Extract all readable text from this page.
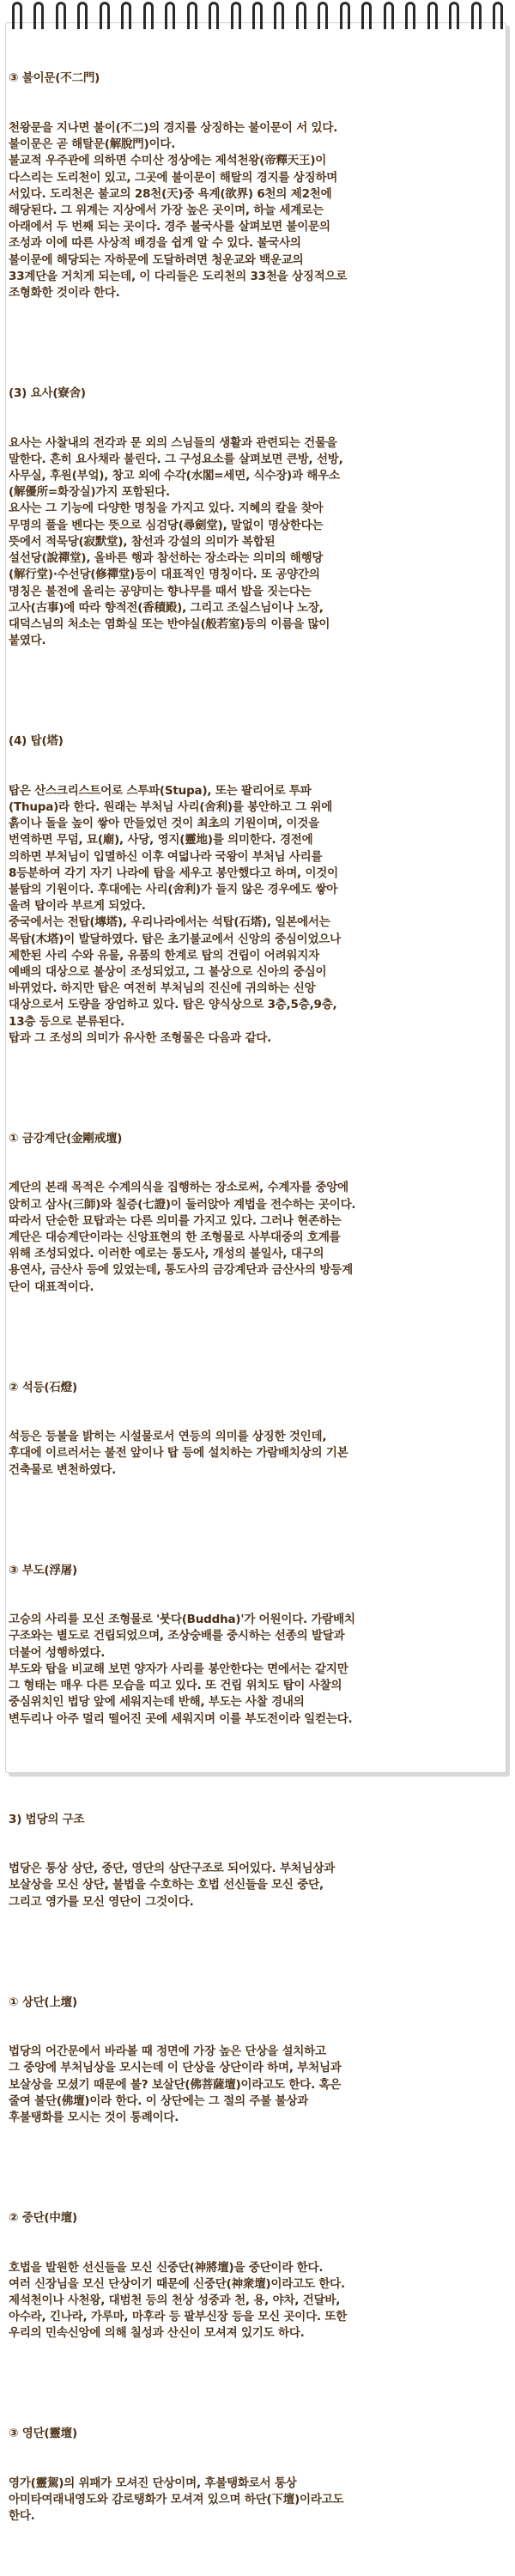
③ 불이문(不二門)

천왕문을 지나면 불이(不二)의 경지를 상징하는 불이문이 서 있다.
불이문은 곧 해탈문(解脫門)이다.
불교적 우주관에 의하면 수미산 정상에는 제석천왕(帝釋天王)이
다스리는 도리천이 있고, 그곳에 불이문이 해탈의 경지를 상징하며
서있다. 도리천은 불교의 28천(天)중 욕계(欲界) 6천의 제2천에
해당된다. 그 위계는 지상에서 가장 높은 곳이며, 하늘 세계로는
아래에서 두 번째 되는 곳이다. 경주 불국사를 살펴보면 불이문의
조성과 이에 따른 사상적 배경을 쉽게 알 수 있다. 불국사의
불이문에 해당되는 자하문에 도달하려면 청운교와 백운교의
33계단을 거치게 되는데, 이 다리들은 도리천의 33천을 상징적으로
조형화한 것이라 한다.

(3) 요사(寮舍)

요사는 사찰내의 전각과 문 외의 스님들의 생활과 관련되는 건물을
말한다. 흔히 요사채라 불린다. 그 구성요소를 살펴보면 큰방, 선방,
사무실, 후원(부엌), 창고 외에 수각(水閣=세면, 식수장)과 해우소
(解優所=화장실)가지 포함된다.
요사는 그 기능에 다양한 명칭을 가지고 있다. 지혜의 칼을 찾아
무명의 풀을 벤다는 뜻으로 심검당(尋劍堂), 말없이 명상한다는
뜻에서 적묵당(寂默堂), 참선과 강설의 의미가 복합된
설선당(說禪堂), 올바른 행과 참선하는 장소라는 의미의 해행당
(解行堂)·수선당(修禪堂)등이 대표적인 명칭이다. 또 공양간의
명칭은 불전에 올리는 공양미는 향나무를 때서 밥을 짓는다는
고사(古事)에 따라 향적전(香積殿), 그리고 조실스님이나 노장,
대덕스님의 처소는 염화실 또는 반야실(般若室)등의 이름을 많이
붙였다.

(4) 탑(塔)

탑은 산스크리스트어로 스투파(Stupa), 또는 팔리어로 투파
(Thupa)라 한다. 원래는 부처님 사리(舍利)를 봉안하고 그 위에
흙이나 돌을 높이 쌓아 만들었던 것이 최초의 기원이며, 이것을
번역하면 무덤, 묘(廟), 사당, 영지(靈地)를 의미한다. 경전에
의하면 부처님이 입멸하신 이후 여덟나라 국왕이 부처님 사리를
8등분하여 각기 자기 나라에 탑을 세우고 봉안했다고 하며, 이것이
불탑의 기원이다. 후대에는 사리(舍利)가 들지 않은 경우에도 쌓아
올려 탑이라 부르게 되었다.
중국에서는 전탑(塼塔), 우리나라에서는 석탑(石塔), 일본에서는
목탑(木塔)이 발달하였다. 탑은 초기불교에서 신앙의 중심이었으나
제한된 사리 수와 유물, 유품의 한계로 탑의 건립이 어려워지자
예배의 대상으로 불상이 조성되었고, 그 불상으로 신아의 중심이
바뀌었다. 하지만 탑은 여전히 부처님의 진신에 귀의하는 신앙
대상으로서 도량을 장엄하고 있다. 탑은 양식상으로 3층,5층,9층,
13층 등으로 분류된다.
탑과 그 조성의 의미가 유사한 조형물은 다음과 같다.

① 금강계단(金剛戒壇)

계단의 본래 목적은 수계의식을 집행하는 장소로써, 수계자를 중앙에
앉히고 삼사(三師)와 칠증(七證)이 둘러앉아 계법을 전수하는 곳이다.
따라서 단순한 묘탑과는 다른 의미를 가지고 있다. 그러나 현존하는
계단은 대승계단이라는 신앙표현의 한 조형물로 사부대중의 호계를
위해 조성되었다. 이러한 예로는 통도사, 개성의 불일사, 대구의
용연사, 금산사 등에 있었는데, 통도사의 금강계단과 금산사의 방등계
단이 대표적이다.

② 석등(石燈)

석등은 등불을 밝히는 시설물로서 연등의 의미를 상징한 것인데,
후대에 이르러서는 불전 앞이나 탑 등에 설치하는 가람배치상의 기본
건축물로 변천하였다.

③ 부도(浮屠)

고승의 사리를 모신 조형물로 '붓다(Buddha)'가 어원이다. 가람배치
구조와는 별도로 건립되었으며, 조상숭배를 중시하는 선종의 발달과
더불어 성행하였다.
부도와 탑을 비교해 보면 양자가 사리를 봉안한다는 면에서는 같지만
그 형태는 매우 다른 모습을 띠고 있다. 또 건립 위치도 탑이 사찰의
중심위치인 법당 앞에 세워지는데 반해, 부도는 사찰 경내의
변두리나 아주 멀리 떨어진 곳에 세워지며 이를 부도전이라 일컫는다.

3) 법당의 구조

법당은 통상 상단, 중단, 영단의 삼단구조로 되어있다. 부처님상과
보살상을 모신 상단, 불법을 수호하는 호법 선신들을 모신 중단,
그리고 영가를 모신 영단이 그것이다.

① 상단(上壇)

법당의 어간문에서 바라볼 때 정면에 가장 높은 단상을 설치하고
그 중앙에 부처님상을 모시는데 이 단상을 상단이라 하며, 부처님과
보살상을 모셨기 때문에 불? 보살단(佛菩薩壇)이라고도 한다. 혹은
줄여 불단(佛壇)이라 한다. 이 상단에는 그 절의 주불 불상과
후불탱화를 모시는 것이 통례이다.

② 중단(中壇)

호법을 발원한 선신들을 모신 신중단(神將壇)을 중단이라 한다.
여러 신장님을 모신 단상이기 때문에 신중단(神衆壇)이라고도 한다.
제석천이나 사천왕, 대범천 등의 천상 성중과 천, 용, 야차, 건달바,
아수라, 긴나라, 가루마, 마후라 등 팔부신장 등을 모신 곳이다. 또한
우리의 민속신앙에 의해 칠성과 산신이 모셔져 있기도 하다.

③ 영단(靈壇)

영가(靈駕)의 위패가 모셔진 단상이며, 후불탱화로서 통상
아미타여래내영도와 감로탱화가 모셔져 있으며 하단(下壇)이라고도
한다.
